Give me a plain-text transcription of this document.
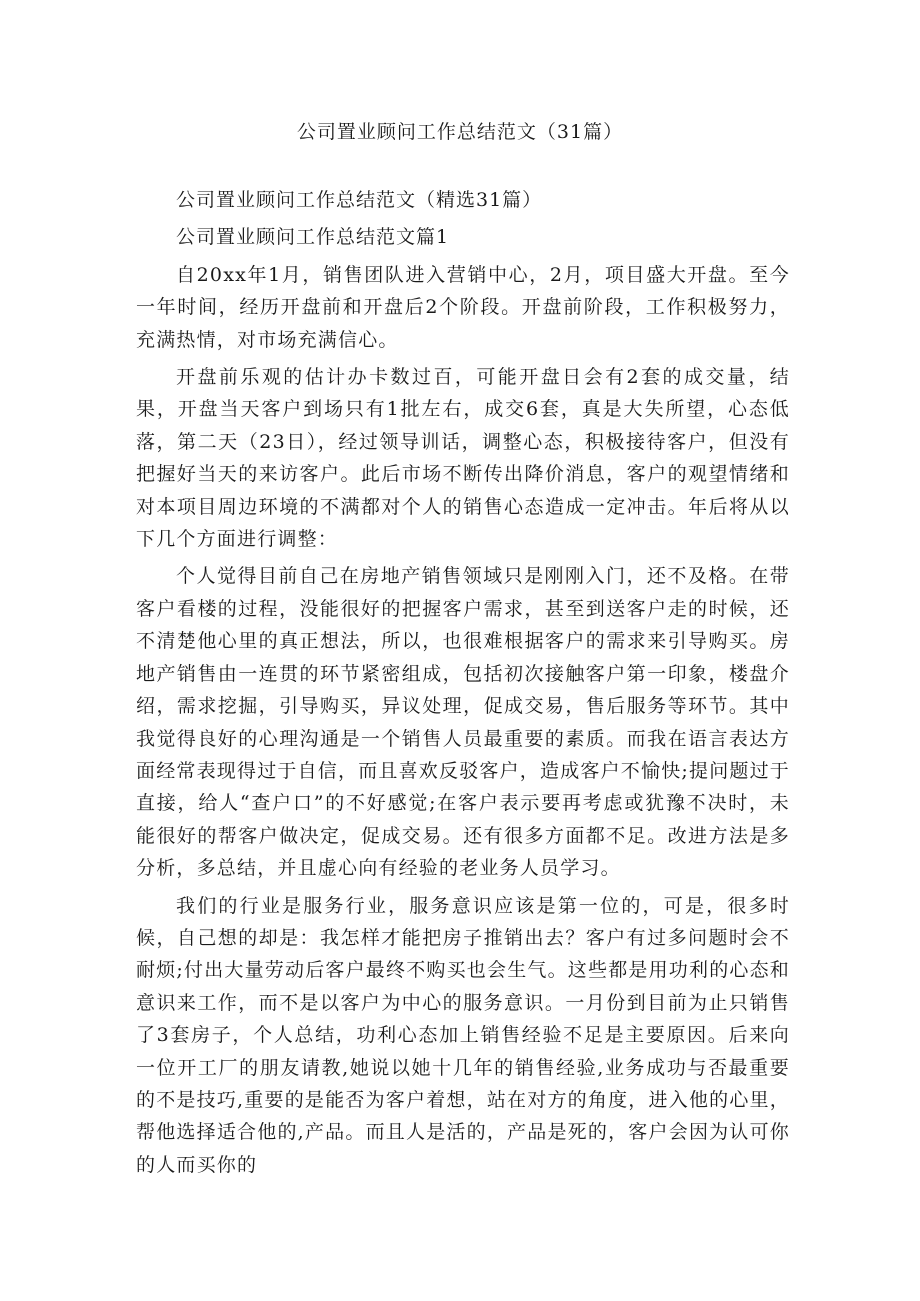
公司置业顾问工作总结范文（31篇）

公司置业顾问工作总结范文（精选31篇）

公司置业顾问工作总结范文篇1

自20xx年1月，销售团队进入营销中心，2月，项目盛大开盘。至今一年时间，经历开盘前和开盘后2个阶段。开盘前阶段，工作积极努力，充满热情，对市场充满信心。

开盘前乐观的估计办卡数过百，可能开盘日会有2套的成交量，结果，开盘当天客户到场只有1批左右，成交6套，真是大失所望，心态低落，第二天（23日），经过领导训话，调整心态，积极接待客户，但没有把握好当天的来访客户。此后市场不断传出降价消息，客户的观望情绪和对本项目周边环境的不满都对个人的销售心态造成一定冲击。年后将从以下几个方面进行调整：

个人觉得目前自己在房地产销售领域只是刚刚入门，还不及格。在带客户看楼的过程，没能很好的把握客户需求，甚至到送客户走的时候，还不清楚他心里的真正想法，所以，也很难根据客户的需求来引导购买。房地产销售由一连贯的环节紧密组成，包括初次接触客户第一印象，楼盘介绍，需求挖掘，引导购买，异议处理，促成交易，售后服务等环节。其中我觉得良好的心理沟通是一个销售人员最重要的素质。而我在语言表达方面经常表现得过于自信，而且喜欢反驳客户，造成客户不愉快;提问题过于直接，给人“查户口”的不好感觉;在客户表示要再考虑或犹豫不决时，未能很好的帮客户做决定，促成交易。还有很多方面都不足。改进方法是多分析，多总结，并且虚心向有经验的老业务人员学习。

我们的行业是服务行业，服务意识应该是第一位的，可是，很多时候，自己想的却是：我怎样才能把房子推销出去？客户有过多问题时会不耐烦;付出大量劳动后客户最终不购买也会生气。这些都是用功利的心态和意识来工作，而不是以客户为中心的服务意识。一月份到目前为止只销售了3套房子，个人总结，功利心态加上销售经验不足是主要原因。后来向一位开工厂的朋友请教,她说以她十几年的销售经验,业务成功与否最重要的不是技巧,重要的是能否为客户着想，站在对方的角度，进入他的心里，帮他选择适合他的,产品。而且人是活的，产品是死的，客户会因为认可你的人而买你的
